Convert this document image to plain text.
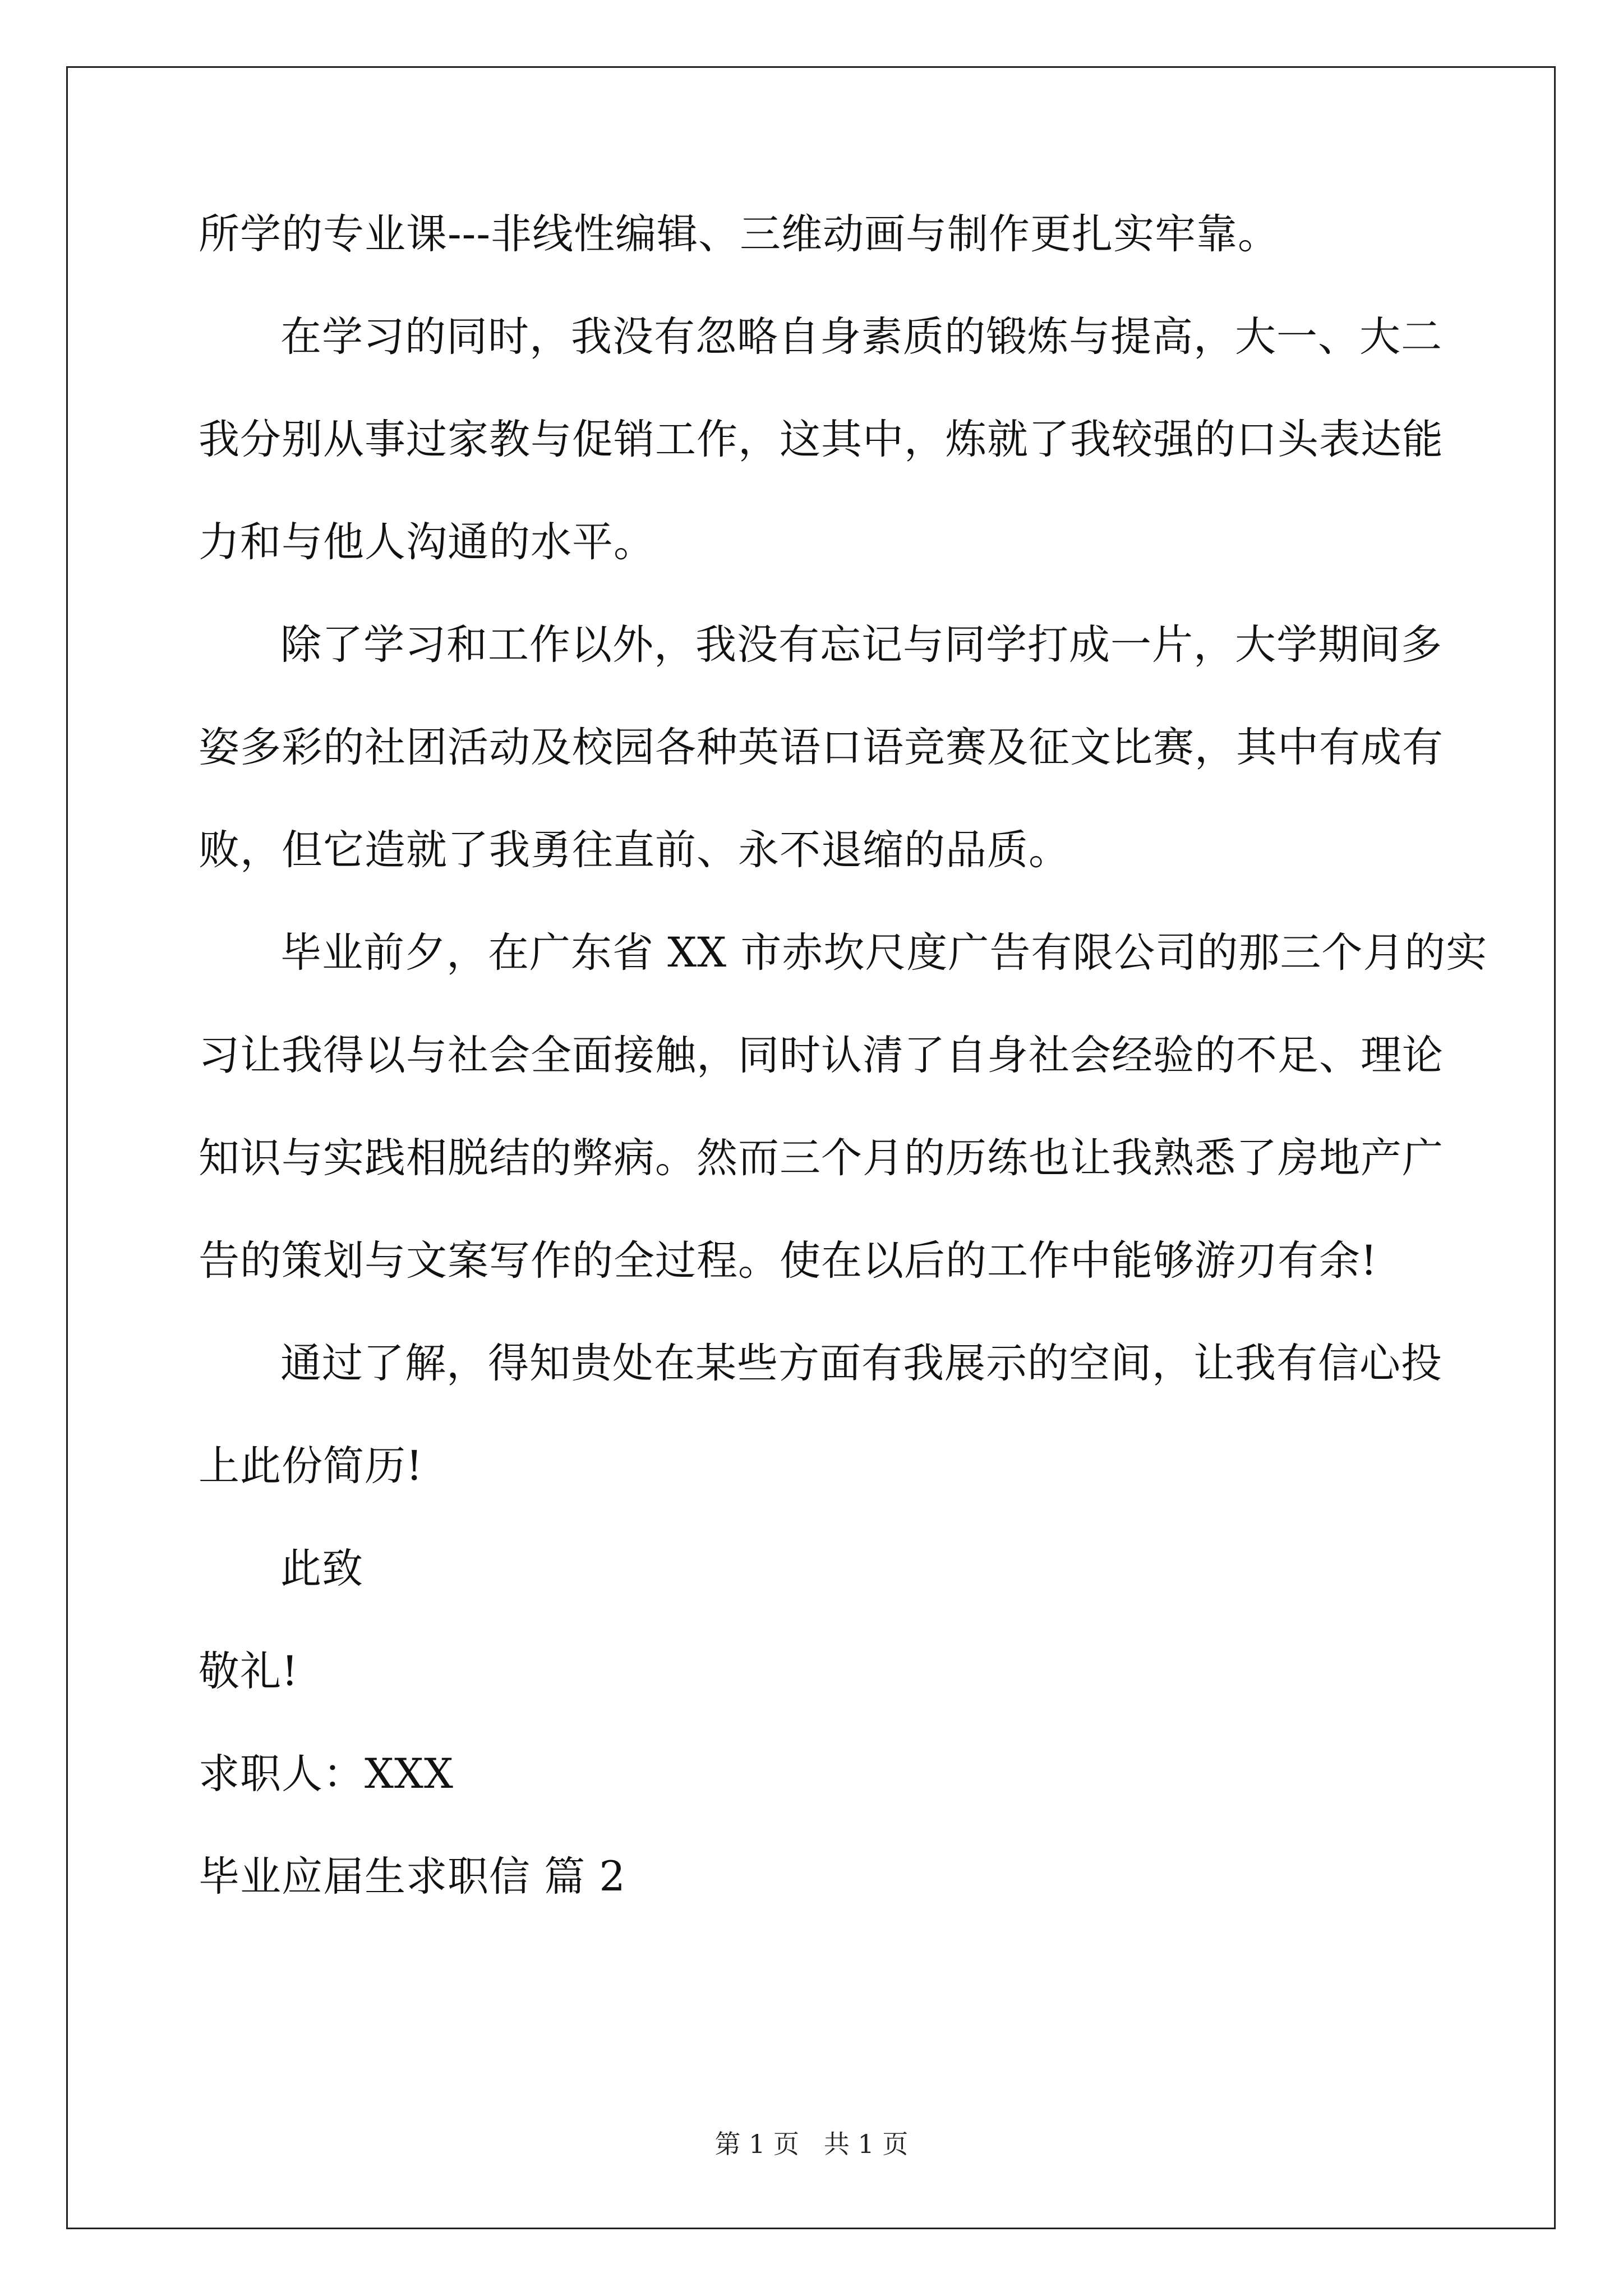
所学的专业课---非线性编辑、三维动画与制作更扎实牢靠。
在学习的同时，我没有忽略自身素质的锻炼与提高，大一、大二
我分别从事过家教与促销工作，这其中，炼就了我较强的口头表达能
力和与他人沟通的水平。
除了学习和工作以外，我没有忘记与同学打成一片，大学期间多
姿多彩的社团活动及校园各种英语口语竞赛及征文比赛，其中有成有
败，但它造就了我勇往直前、永不退缩的品质。
毕业前夕，在广东省 XX 市赤坎尺度广告有限公司的那三个月的实
习让我得以与社会全面接触，同时认清了自身社会经验的不足、理论
知识与实践相脱结的弊病。然而三个月的历练也让我熟悉了房地产广
告的策划与文案写作的全过程。使在以后的工作中能够游刃有余!
通过了解，得知贵处在某些方面有我展示的空间，让我有信心投
上此份简历!
此致
敬礼!
求职人：XXX
毕业应届生求职信 篇 2
第 1 页   共 1 页
